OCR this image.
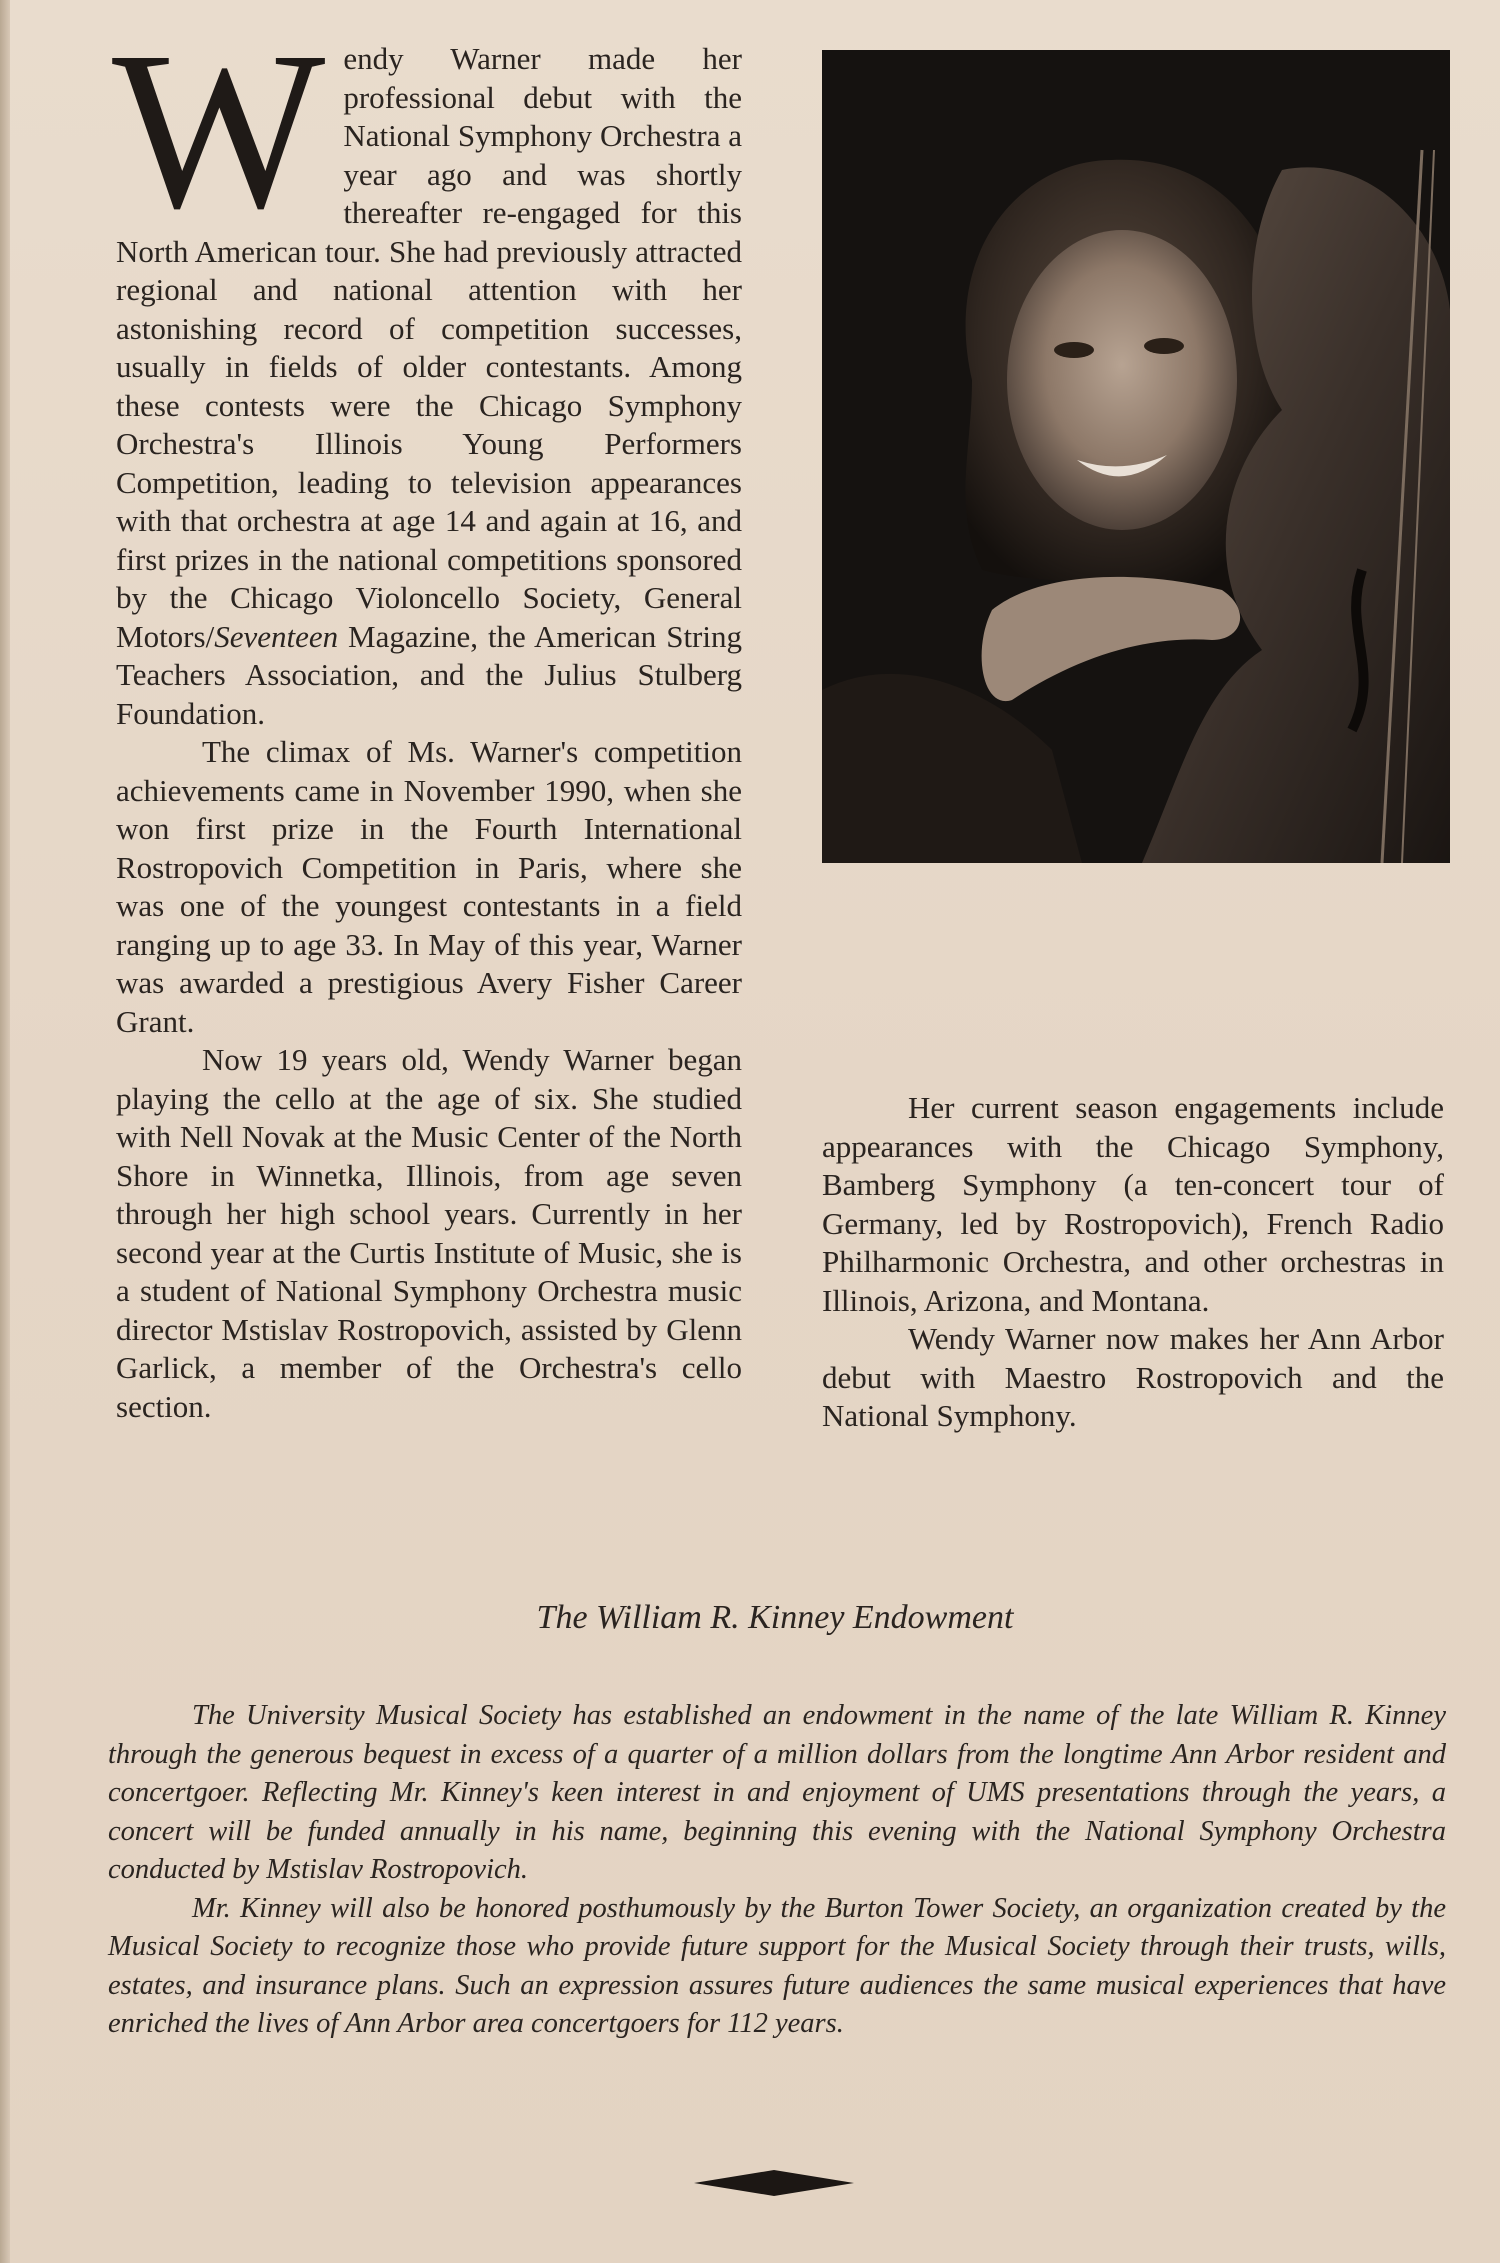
Wendy Warner made her professional debut with the National Symphony Orchestra a year ago and was shortly thereafter re-engaged for this North American tour. She had previously attracted regional and national attention with her astonishing record of competition successes, usually in fields of older contestants. Among these contests were the Chicago Symphony Orchestra's Illinois Young Performers Competition, leading to television appearances with that orchestra at age 14 and again at 16, and first prizes in the national competitions sponsored by the Chicago Violoncello Society, General Motors/Seventeen Magazine, the American String Teachers Association, and the Julius Stulberg Foundation.

The climax of Ms. Warner's competition achievements came in November 1990, when she won first prize in the Fourth International Rostropovich Competition in Paris, where she was one of the youngest contestants in a field ranging up to age 33. In May of this year, Warner was awarded a prestigious Avery Fisher Career Grant.

Now 19 years old, Wendy Warner began playing the cello at the age of six. She studied with Nell Novak at the Music Center of the North Shore in Winnetka, Illinois, from age seven through her high school years. Currently in her second year at the Curtis Institute of Music, she is a student of National Symphony Orchestra music director Mstislav Rostropovich, assisted by Glenn Garlick, a member of the Orchestra's cello section.

Her current season engagements include appearances with the Chicago Symphony, Bamberg Symphony (a ten-concert tour of Germany, led by Rostropovich), French Radio Philharmonic Orchestra, and other orchestras in Illinois, Arizona, and Montana.

Wendy Warner now makes her Ann Arbor debut with Maestro Rostropovich and the National Symphony.

The William R. Kinney Endowment

The University Musical Society has established an endowment in the name of the late William R. Kinney through the generous bequest in excess of a quarter of a million dollars from the longtime Ann Arbor resident and concertgoer. Reflecting Mr. Kinney's keen interest in and enjoyment of UMS presentations through the years, a concert will be funded annually in his name, beginning this evening with the National Symphony Orchestra conducted by Mstislav Rostropovich.

Mr. Kinney will also be honored posthumously by the Burton Tower Society, an organization created by the Musical Society to recognize those who provide future support for the Musical Society through their trusts, wills, estates, and insurance plans. Such an expression assures future audiences the same musical experiences that have enriched the lives of Ann Arbor area concertgoers for 112 years.
